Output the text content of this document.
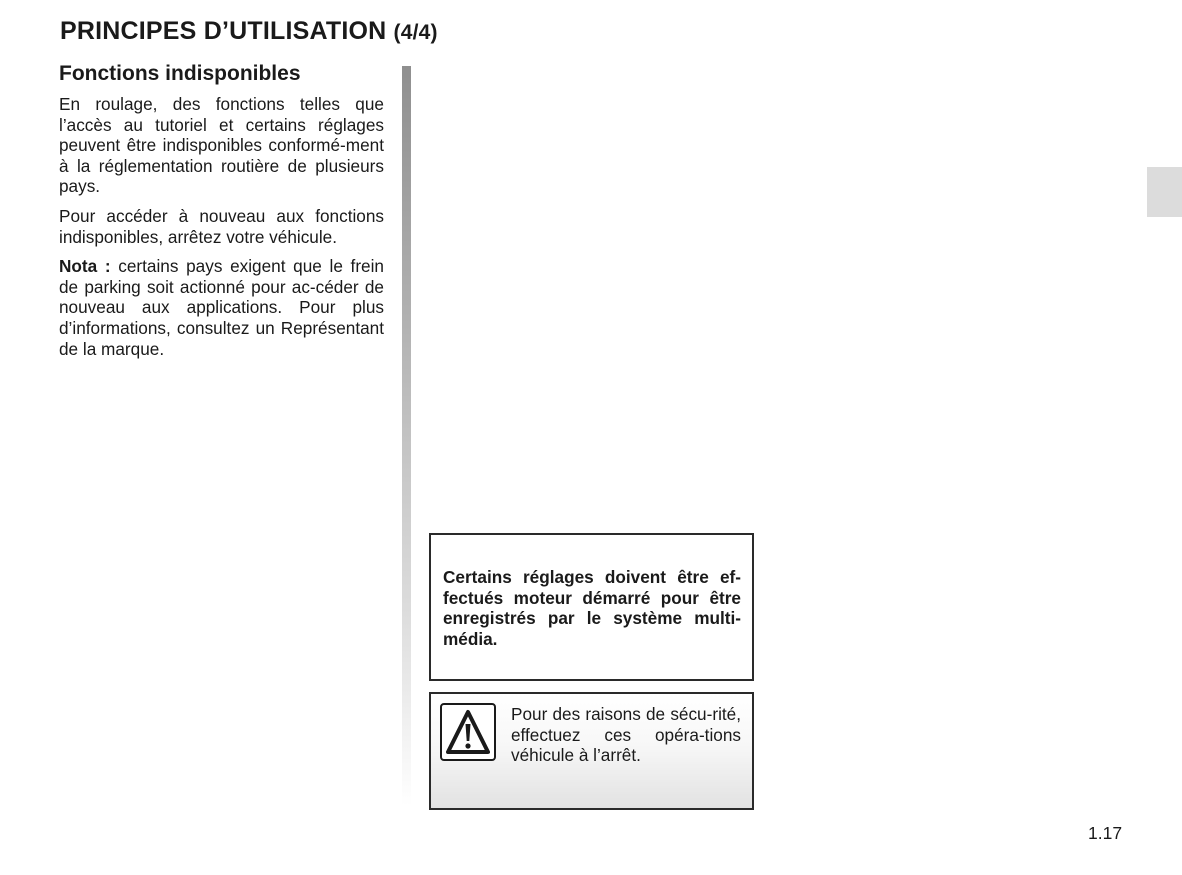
PRINCIPES D’UTILISATION (4/4)
Fonctions indisponibles

En roulage, des fonctions telles que l’accès au tutoriel et certains réglages peuvent être indisponibles conformé-ment à la réglementation routière de plusieurs pays.

Pour accéder à nouveau aux fonctions indisponibles, arrêtez votre véhicule.

Nota : certains pays exigent que le frein de parking soit actionné pour ac-céder de nouveau aux applications. Pour plus d’informations, consultez un Représentant de la marque.

Certains réglages doivent être ef-fectués moteur démarré pour être enregistrés par le système multi-média.

Pour des raisons de sécu-rité, effectuez ces opéra-tions véhicule à l’arrêt.

1.17
